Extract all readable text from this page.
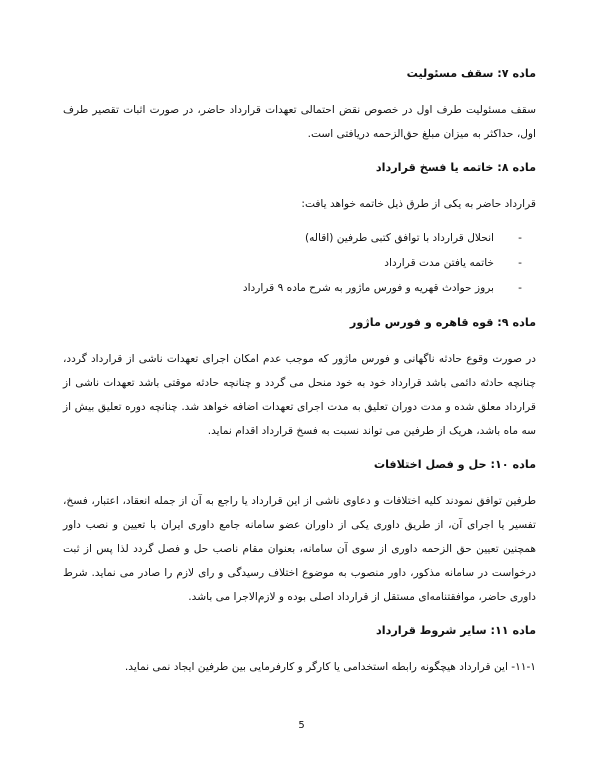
ماده ۷: سقف مسئولیت

سقف مسئولیت طرف اول در خصوص نقض احتمالی تعهدات قرارداد حاضر، در صورت اثبات تقصیر طرف اول، حداکثر به میزان مبلغ حق‌الزحمه دریافتی است.

ماده ۸: خاتمه یا فسخ قرارداد

قرارداد حاضر به یکی از طرق ذیل خاتمه خواهد یافت:

- انحلال قرارداد با توافق کتبی طرفین (اقاله)
- خاتمه یافتن مدت قرارداد
- بروز حوادث قهریه و فورس ماژور به شرح ماده ۹ قرارداد
ماده ۹: قوه قاهره و فورس ماژور

در صورت وقوع حادثه ناگهانی و فورس ماژور که موجب عدم امکان اجرای تعهدات ناشی از قرارداد گردد، چنانچه حادثه دائمی باشد قرارداد خود به خود منحل می گردد و چنانچه حادثه موقتی باشد تعهدات ناشی از قرارداد معلق شده و مدت دوران تعلیق به مدت اجرای تعهدات اضافه خواهد شد. چنانچه دوره تعلیق بیش از سه ماه باشد، هریک از طرفین می تواند نسبت به فسخ قرارداد اقدام نماید.

ماده ۱۰: حل و فصل اختلافات

طرفین توافق نمودند کلیه اختلافات و دعاوی ناشی از این قرارداد یا راجع به آن از جمله انعقاد، اعتبار، فسخ، تفسیر یا اجرای آن، از طریق داوری یکی از داوران عضو سامانه جامع داوری ایران با تعیین و نصب داور همچنین تعیین حق الزحمه داوری از سوی آن سامانه، بعنوان مقام ناصب حل و فصل گردد لذا پس از ثبت درخواست در سامانه مذکور، داور منصوب به موضوع اختلاف رسیدگی و رای لازم را صادر می نماید. شرط داوری حاضر، موافقتنامه‌ای مستقل از قرارداد اصلی بوده و لازم‌الاجرا می باشد.

ماده ۱۱: سایر شروط قرارداد

۱۱-۱- این قرارداد هیچگونه رابطه استخدامی یا کارگر و کارفرمایی بین طرفین ایجاد نمی نماید.

5
